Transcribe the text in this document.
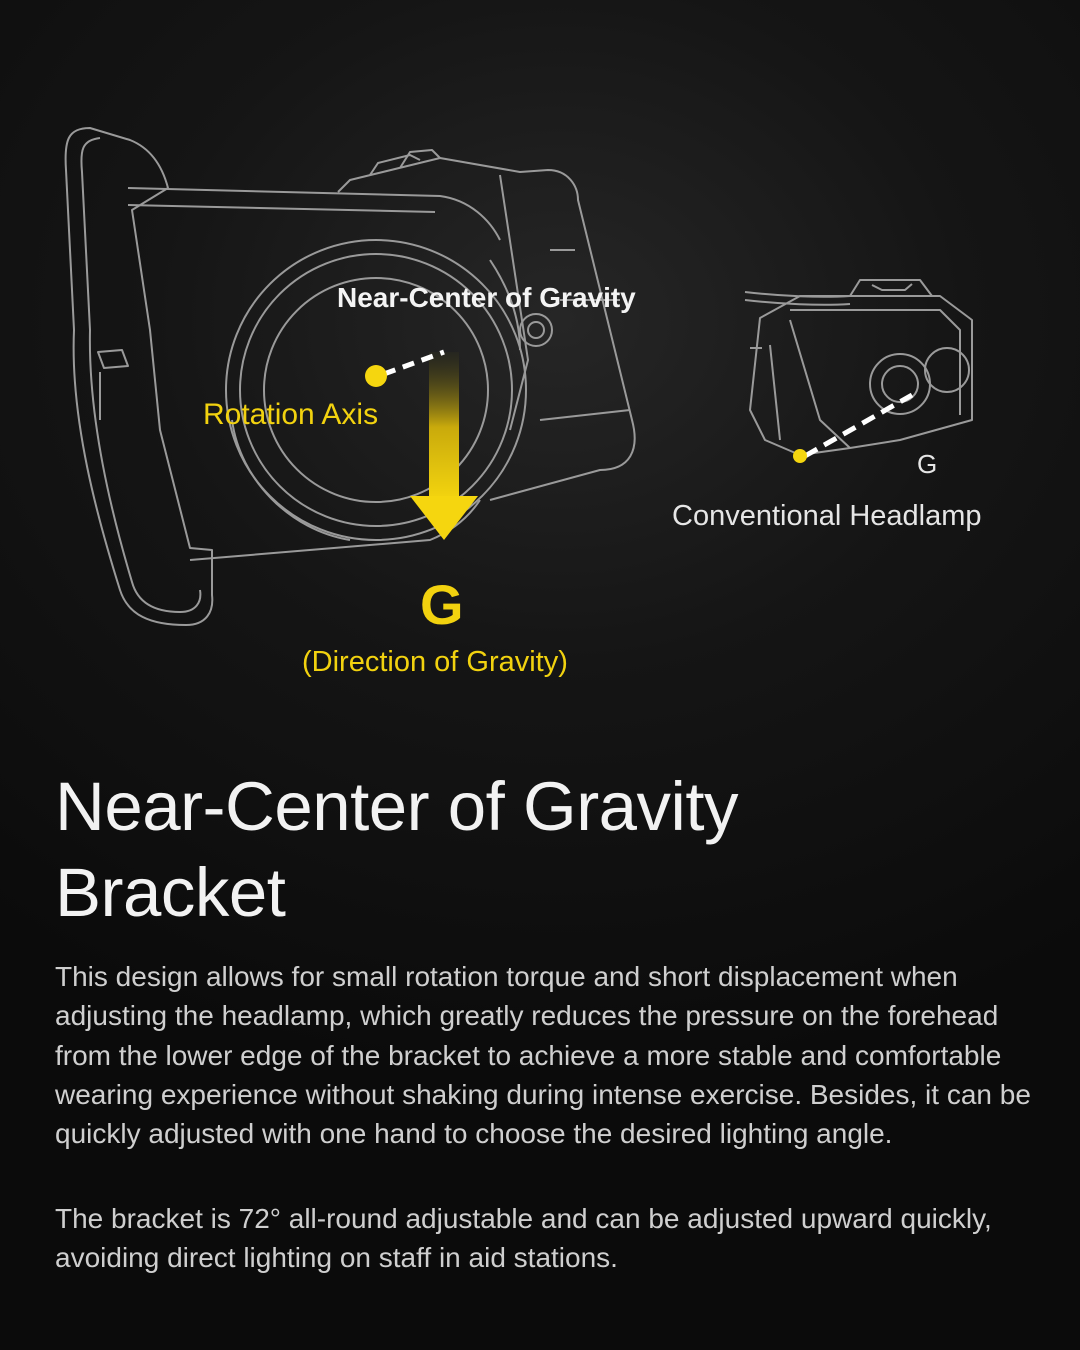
Near-Center of Gravity
Rotation Axis
G
(Direction of Gravity)
G
Conventional Headlamp
Near-Center of Gravity
Bracket

This design allows for small rotation torque and short displacement when adjusting the headlamp, which greatly reduces the pressure on the forehead from the lower edge of the bracket to achieve a more stable and comfortable wearing experience without shaking during intense exercise. Besides, it can be quickly adjusted with one hand to choose the desired lighting angle.

The bracket is 72° all-round adjustable and can be adjusted upward quickly, avoiding direct lighting on staff in aid stations.
